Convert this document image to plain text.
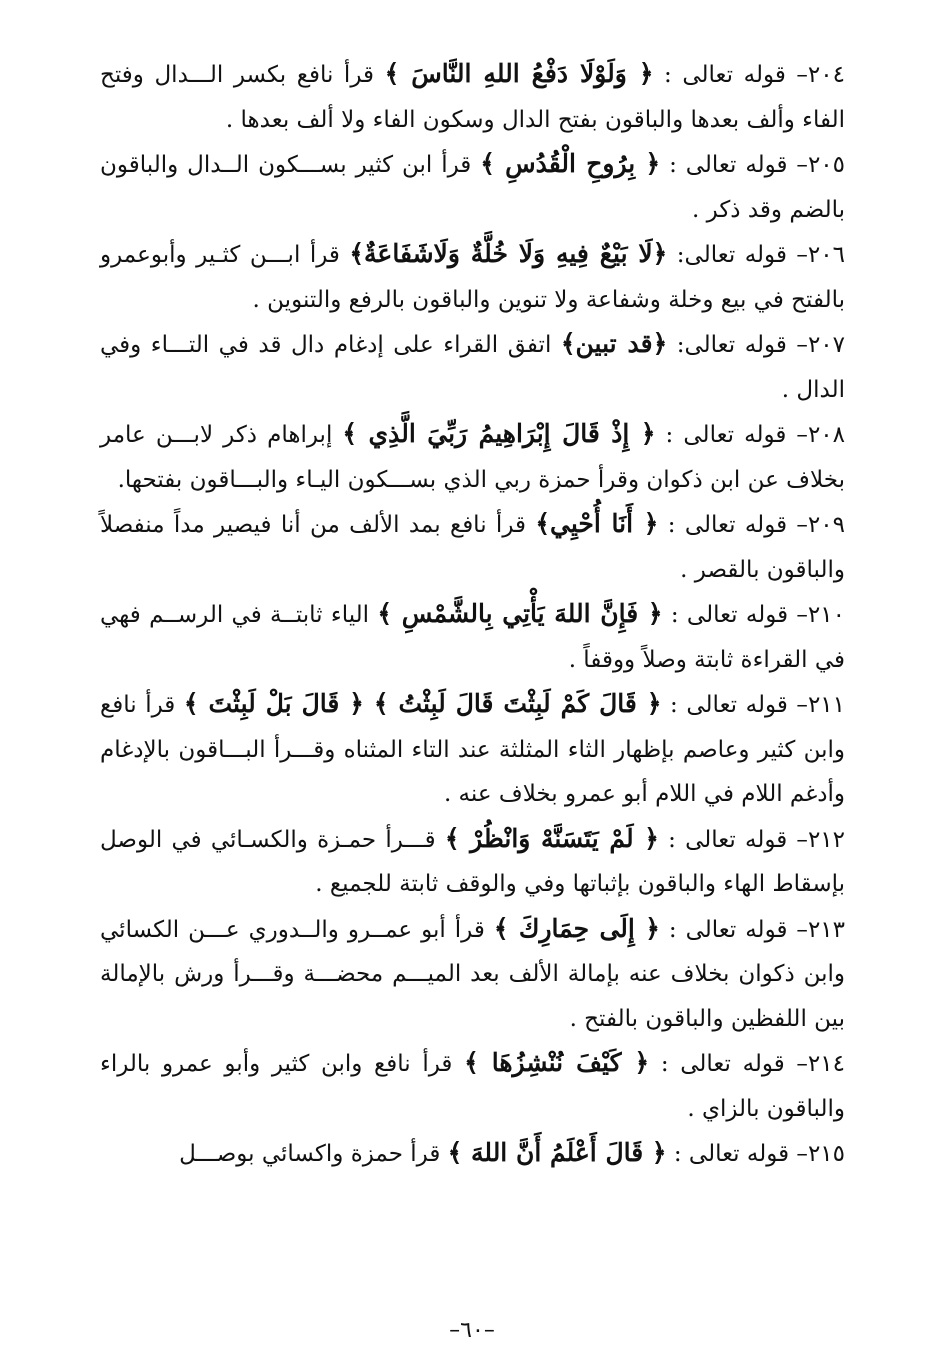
٢٠٤– قوله تعالى : ﴿ وَلَوْلَا دَفْعُ اللهِ النَّاسَ ﴾ قرأ نافع بكسر الـــدال وفتح الفاء وألف بعدها والباقون بفتح الدال وسكون الفاء ولا ألف بعدها .

٢٠٥– قوله تعالى : ﴿ بِرُوحِ الْقُدُسِ ﴾ قرأ ابن كثير بســـكون الــدال والباقون بالضم وقد ذكر .

٢٠٦– قوله تعالى: ﴿لَا بَيْعٌ فِيهِ وَلَا خُلَّةٌ وَلَاشَفَاعَةٌ﴾ قرأ ابـــن كثـير وأبوعمرو بالفتح في بيع وخلة وشفاعة ولا تنوين والباقون بالرفع والتنوين .

٢٠٧– قوله تعالى: ﴿قد تبين﴾ اتفق القراء على إدغام دال قد في التـــاء وفي الدال .

٢٠٨– قوله تعالى : ﴿ إِذْ قَالَ إِبْرَاهِيمُ رَبِّيَ الَّذِي ﴾ إبراهام ذكر لابـــن عامر بخلاف عن ابن ذكوان وقرأ حمزة ربي الذي بســـكون اليـاء والبـــاقون بفتحها.

٢٠٩– قوله تعالى : ﴿ أَنَا أُحْيِي﴾ قرأ نافع بمد الألف من أنا فيصير مداً منفصلاً والباقون بالقصر .

٢١٠– قوله تعالى : ﴿ فَإِنَّ اللهَ يَأْتِي بِالشَّمْسِ ﴾ الياء ثابتــة في الرســم فهي في القراءة ثابتة وصلاً ووقفاً .

٢١١– قوله تعالى : ﴿ قَالَ كَمْ لَبِثْتَ قَالَ لَبِثْتُ ﴾ ﴿ قَالَ بَلْ لَبِثْتَ ﴾ قرأ نافع وابن كثير وعاصم بإظهار الثاء المثلثة عند التاء المثناه وقـــرأ البـــاقون بالإدغام وأدغم اللام في اللام أبو عمرو بخلاف عنه .

٢١٢– قوله تعالى : ﴿ لَمْ يَتَسَنَّهْ وَانْظُرْ ﴾ قـــرأ حمـزة والكسـائي في الوصل بإسقاط الهاء والباقون بإثباتها وفي والوقف ثابتة للجميع .

٢١٣– قوله تعالى : ﴿ إِلَى حِمَارِكَ ﴾ قرأ أبو عمــرو والــدوري عـــن الكسائي وابن ذكوان بخلاف عنه بإمالة الألف بعد الميـــم محضـــة وقـــرأ ورش بالإمالة بين اللفظين والباقون بالفتح .

٢١٤– قوله تعالى : ﴿ كَيْفَ نُنْشِزُهَا ﴾ قرأ نافع وابن كثير وأبو عمرو بالراء والباقون بالزاي .

٢١٥– قوله تعالى : ﴿ قَالَ أَعْلَمُ أَنَّ اللهَ ﴾ قرأ حمزة واكسائي بوصـــل

–٦٠–
